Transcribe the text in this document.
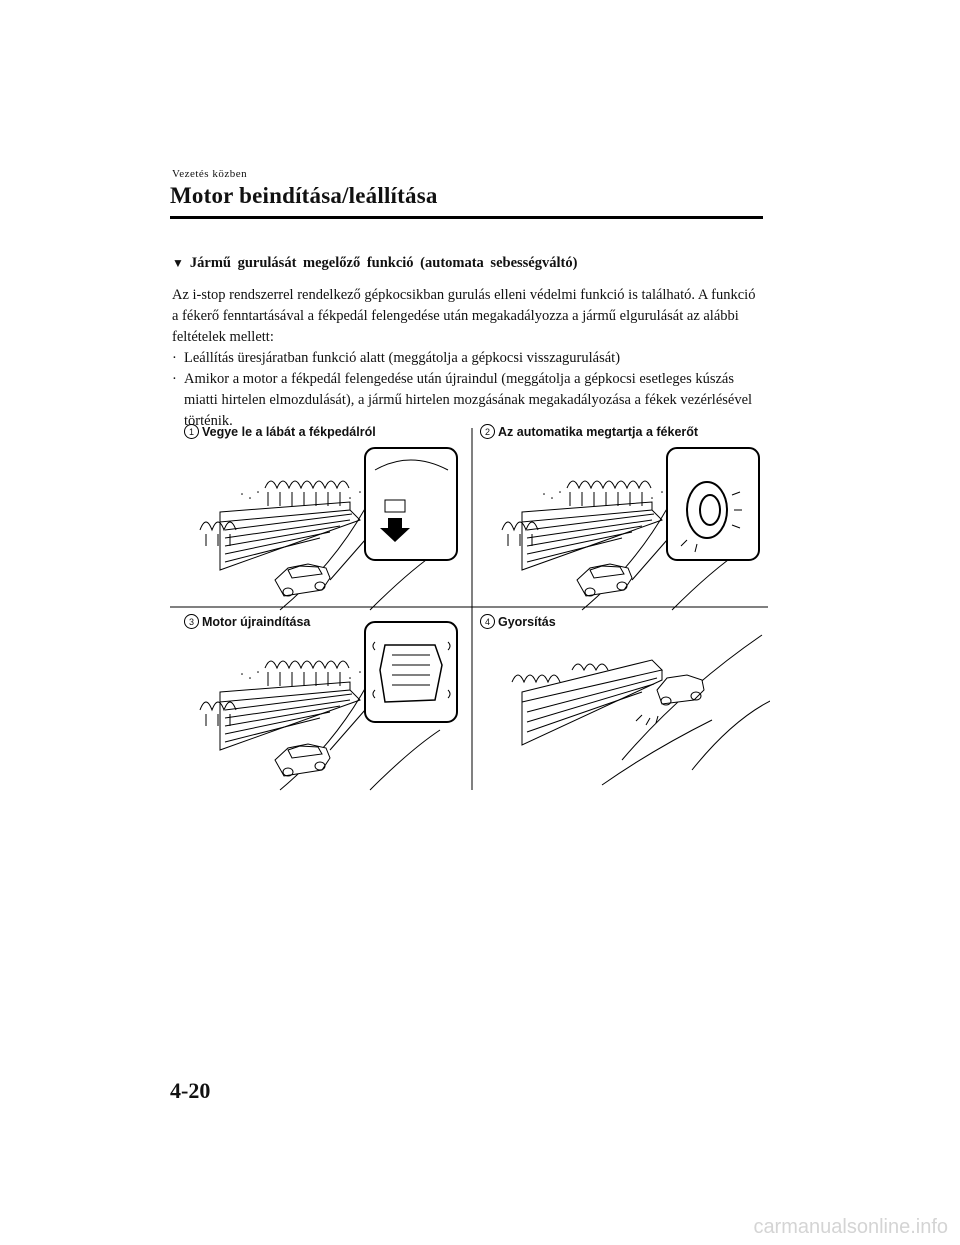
Vezetés közben
Motor beindítása/leállítása
▼ Jármű gurulását megelőző funkció (automata sebességváltó)
Az i-stop rendszerrel rendelkező gépkocsikban gurulás elleni védelmi funkció is található. A funkció a fékerő fenntartásával a fékpedál felengedése után megakadályozza a jármű elgurulását az alábbi feltételek mellett:
· Leállítás üresjáratban funkció alatt (meggátolja a gépkocsi visszagurulását)
· Amikor a motor a fékpedál felengedése után újraindul (meggátolja a gépkocsi esetleges kúszás miatti hirtelen elmozdulását), a jármű hirtelen mozgásának megakadályozása a fékek vezérlésével történik.
1 Vegye le a lábát a fékpedálról	2 Az automatika megtartja a fékerőt
3 Motor újraindítása	4 Gyorsítás
4-20
carmanualsonline.info
